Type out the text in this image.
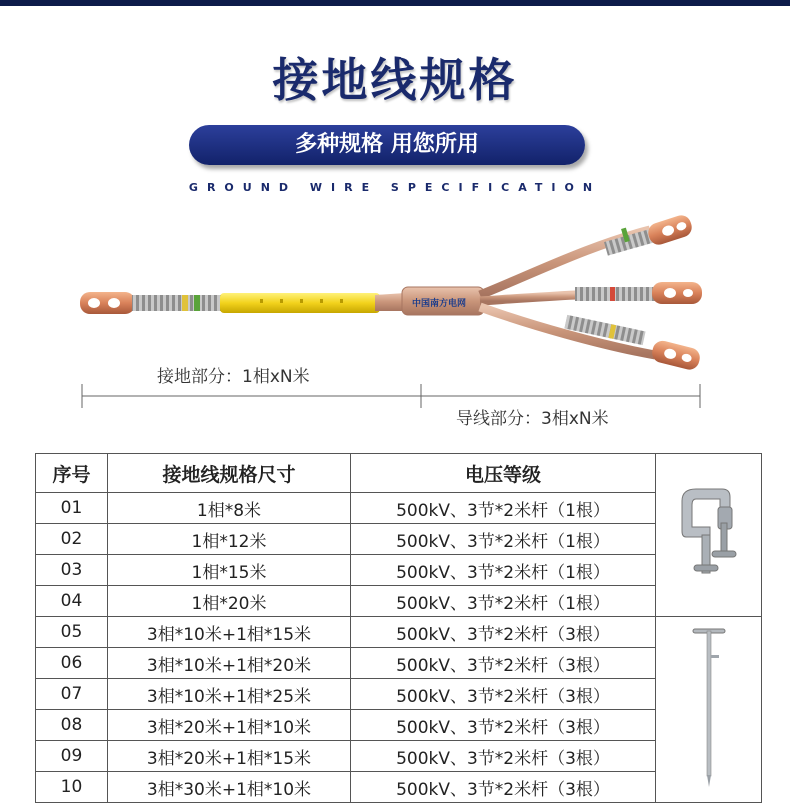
接地线规格
多种规格 用您所用
GROUND WIRE SPECIFICATION
中国南方电网
接地部分：1相xN米
导线部分：3相xN米
序号	接地线规格尺寸	电压等级	
01	1相*8米	500kV、3节*2米杆（1根）	
02	1相*12米	500kV、3节*2米杆（1根）	
03	1相*15米	500kV、3节*2米杆（1根）	
04	1相*20米	500kV、3节*2米杆（1根）	
05	3相*10米+1相*15米	500kV、3节*2米杆（3根）	
06	3相*10米+1相*20米	500kV、3节*2米杆（3根）	
07	3相*10米+1相*25米	500kV、3节*2米杆（3根）	
08	3相*20米+1相*10米	500kV、3节*2米杆（3根）	
09	3相*20米+1相*15米	500kV、3节*2米杆（3根）	
10	3相*30米+1相*10米	500kV、3节*2米杆（3根）	
